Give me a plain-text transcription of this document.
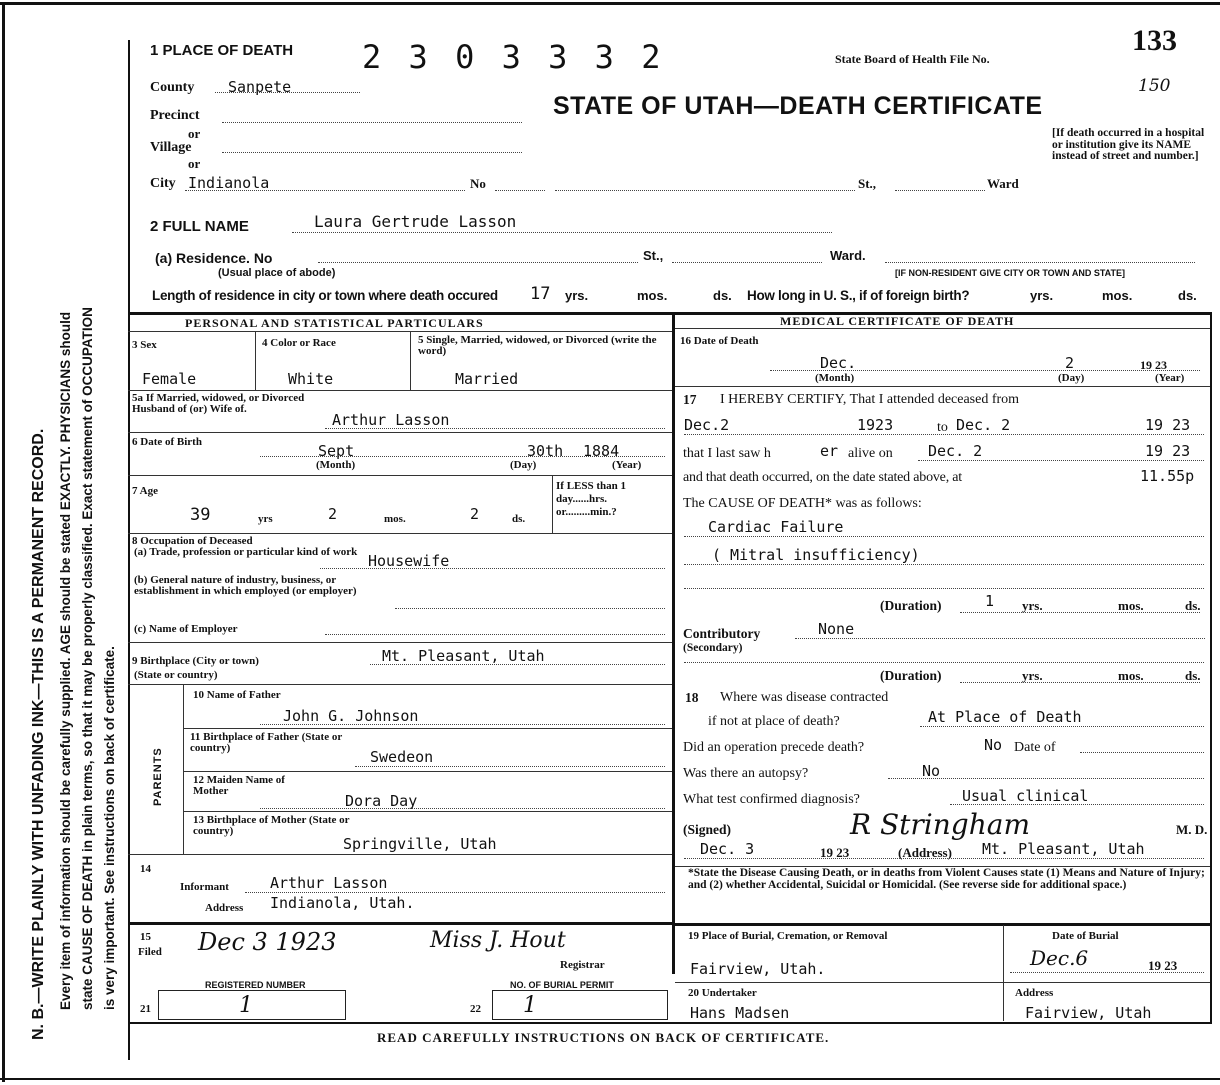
N. B.—WRITE PLAINLY WITH UNFADING INK—THIS IS A PERMANENT RECORD. Every item of information should be carefully supplied. AGE should be stated EXACTLY. PHYSICIANS should state CAUSE OF DEATH in plain terms, so that it may be properly classified. Exact statement of OCCUPATION is very important. See instructions on back of certificate.
1 PLACE OF DEATH 2 3 0 3 3 3 2	State Board of Health File No.
133
150
STATE OF UTAH—DEATH CERTIFICATE
[If death occurred in a hospital or institution give its NAME instead of street and number.]
County Sanpete
Precinct
or
Village
or
City Indianola	No	St.,	Ward
2 FULL NAME	Laura Gertrude Lasson
(a) Residence. No	St.,	Ward.
(Usual place of abode)	[IF NON-RESIDENT GIVE CITY OR TOWN AND STATE]
Length of residence in city or town where death occured 17 yrs.	mos.	ds. How long in U. S., if of foreign birth?	yrs.	mos.	ds.
PERSONAL AND STATISTICAL PARTICULARS	MEDICAL CERTIFICATE OF DEATH
3 Sex
Female
4 Color or Race
White
5 Single, Married, widowed, or Divorced (write the word)
Married
5a If Married, widowed, or Divorced Husband of (or) Wife of.
Arthur Lasson
6 Date of Birth	Sept	30th 1884
(Month)	(Day)	(Year)
7 Age
39	yrs	2	mos.	2	ds.
If LESS than 1 day......hrs. or.........min.?
8 Occupation of Deceased
(a) Trade, profession or particular kind of work Housewife
(b) General nature of industry, business, or establishment in which employed (or employer)
(c) Name of Employer
9 Birthplace (City or town)
(State or country)
Mt. Pleasant, Utah
PARENTS
10 Name of Father
John G. Johnson
11 Birthplace of Father (State or country)	Swedeon
12 Maiden Name of Mother
Dora Day
13 Birthplace of Mother (State or country)
Springville, Utah
14
Informant	Arthur Lasson
Address Indianola, Utah.
15
Filed Dec 3 1923	Miss J. Hout
Registrar
REGISTERED NUMBER	NO. OF BURIAL PERMIT
21	1	22 1
16 Date of Death
Dec.	2	19 23
(Month)	(Day)	(Year)
17 I HEREBY CERTIFY, That I attended deceased from
Dec.2	1923	to Dec. 2	19 23
that I last saw h	er alive on Dec. 2	19 23
and that death occurred, on the date stated above, at	11.55p
The CAUSE OF DEATH* was as follows:
Cardiac Failure
( Mitral insufficiency)
(Duration)	1 yrs.	mos.	ds.
Contributory
(Secondary)
None
(Duration)	yrs.	mos.	ds.
18 Where was disease contracted
if not at place of death?	At Place of Death
Did an operation precede death?	No Date of
Was there an autopsy?	No
What test confirmed diagnosis?	Usual clinical
(Signed)	R Stringham	M. D.
Dec. 3	19 23	(Address) Mt. Pleasant, Utah
*State the Disease Causing Death, or in deaths from Violent Causes state (1) Means and Nature of Injury; and (2) whether Accidental, Suicidal or Homicidal. (See reverse side for additional space.)
19 Place of Burial, Cremation, or Removal
Fairview, Utah.
Date of Burial
Dec.6	19 23
20 Undertaker
Hans Madsen
Address
Fairview, Utah
READ CAREFULLY INSTRUCTIONS ON BACK OF CERTIFICATE.
